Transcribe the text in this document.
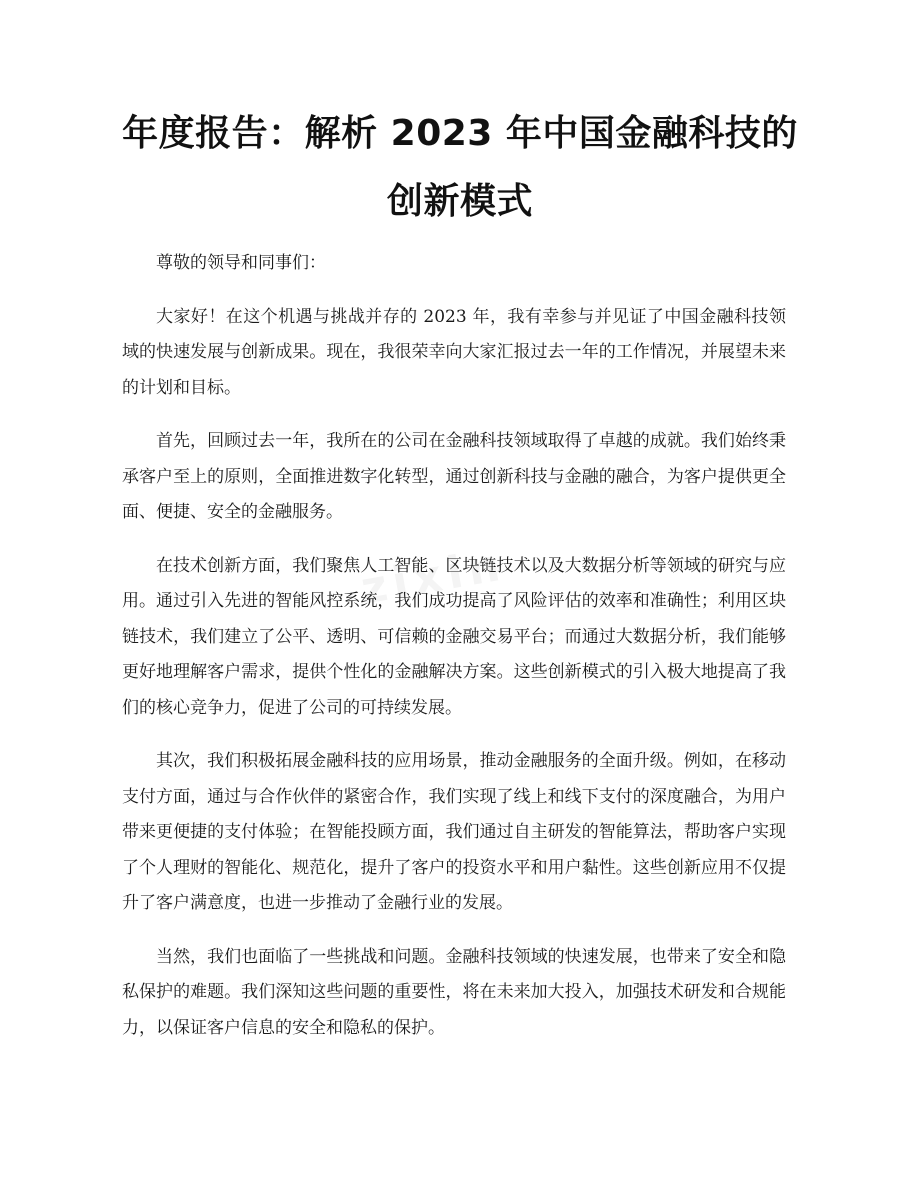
年度报告：解析 2023 年中国金融科技的创新模式
zixin

尊敬的领导和同事们：

大家好！在这个机遇与挑战并存的 2023 年，我有幸参与并见证了中国金融科技领域的快速发展与创新成果。现在，我很荣幸向大家汇报过去一年的工作情况，并展望未来的计划和目标。

首先，回顾过去一年，我所在的公司在金融科技领域取得了卓越的成就。我们始终秉承客户至上的原则，全面推进数字化转型，通过创新科技与金融的融合，为客户提供更全面、便捷、安全的金融服务。

在技术创新方面，我们聚焦人工智能、区块链技术以及大数据分析等领域的研究与应用。通过引入先进的智能风控系统，我们成功提高了风险评估的效率和准确性；利用区块链技术，我们建立了公平、透明、可信赖的金融交易平台；而通过大数据分析，我们能够更好地理解客户需求，提供个性化的金融解决方案。这些创新模式的引入极大地提高了我们的核心竞争力，促进了公司的可持续发展。

其次，我们积极拓展金融科技的应用场景，推动金融服务的全面升级。例如，在移动支付方面，通过与合作伙伴的紧密合作，我们实现了线上和线下支付的深度融合，为用户带来更便捷的支付体验；在智能投顾方面，我们通过自主研发的智能算法，帮助客户实现了个人理财的智能化、规范化，提升了客户的投资水平和用户黏性。这些创新应用不仅提升了客户满意度，也进一步推动了金融行业的发展。

当然，我们也面临了一些挑战和问题。金融科技领域的快速发展，也带来了安全和隐私保护的难题。我们深知这些问题的重要性，将在未来加大投入，加强技术研发和合规能力，以保证客户信息的安全和隐私的保护。
